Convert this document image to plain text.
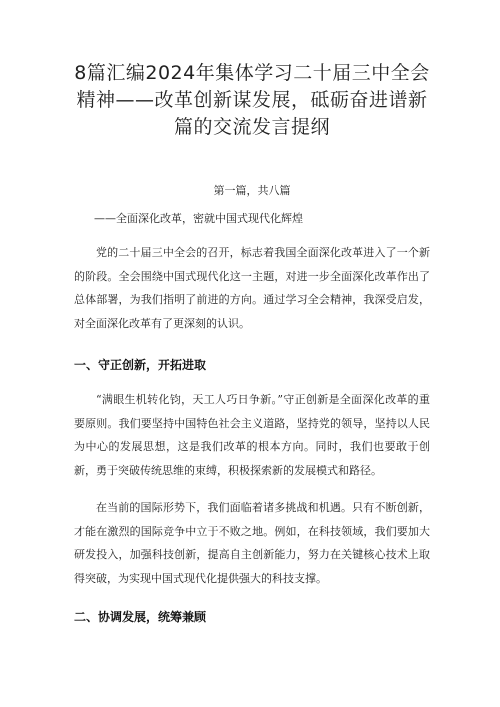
8篇汇编2024年集体学习二十届三中全会
精神——改革创新谋发展，砥砺奋进谱新
篇的交流发言提纲
第一篇，共八篇
——全面深化改革，密就中国式现代化辉煌

党的二十届三中全会的召开，标志着我国全面深化改革进入了一个新的阶段。全会围绕中国式现代化这一主题，对进一步全面深化改革作出了总体部署，为我们指明了前进的方向。通过学习全会精神，我深受启发，对全面深化改革有了更深刻的认识。

一、守正创新，开拓进取

“满眼生机转化钧，天工人巧日争新。”守正创新是全面深化改革的重要原则。我们要坚持中国特色社会主义道路，坚持党的领导，坚持以人民为中心的发展思想，这是我们改革的根本方向。同时，我们也要敢于创新，勇于突破传统思维的束缚，积极探索新的发展模式和路径。

在当前的国际形势下，我们面临着诸多挑战和机遇。只有不断创新，才能在激烈的国际竞争中立于不败之地。例如，在科技领域，我们要加大研发投入，加强科技创新，提高自主创新能力，努力在关键核心技术上取得突破，为实现中国式现代化提供强大的科技支撑。

二、协调发展，统筹兼顾
